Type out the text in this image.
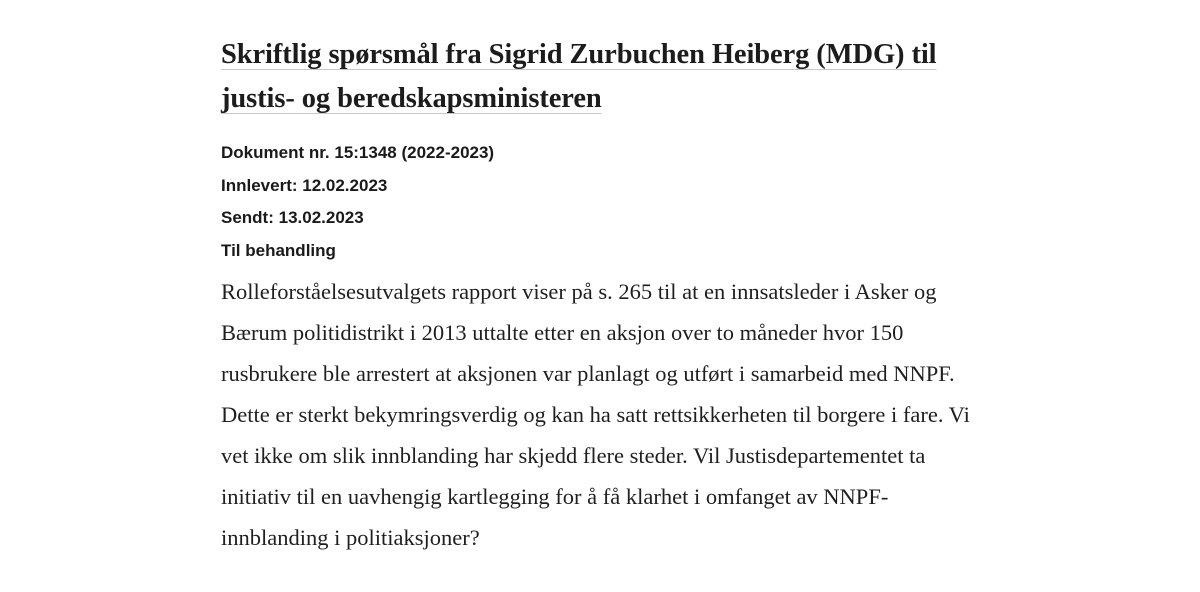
Skriftlig spørsmål fra Sigrid Zurbuchen Heiberg (MDG) til justis- og beredskapsministeren
Dokument nr. 15:1348 (2022-2023)
Innlevert: 12.02.2023
Sendt: 13.02.2023
Til behandling

Rolleforståelsesutvalgets rapport viser på s. 265 til at en innsatsleder i Asker og Bærum politidistrikt i 2013 uttalte etter en aksjon over to måneder hvor 150 rusbrukere ble arrestert at aksjonen var planlagt og utført i samarbeid med NNPF. Dette er sterkt bekymringsverdig og kan ha satt rettsikkerheten til borgere i fare. Vi vet ikke om slik innblanding har skjedd flere steder. Vil Justisdepartementet ta initiativ til en uavhengig kartlegging for å få klarhet i omfanget av NNPF-innblanding i politiaksjoner?
